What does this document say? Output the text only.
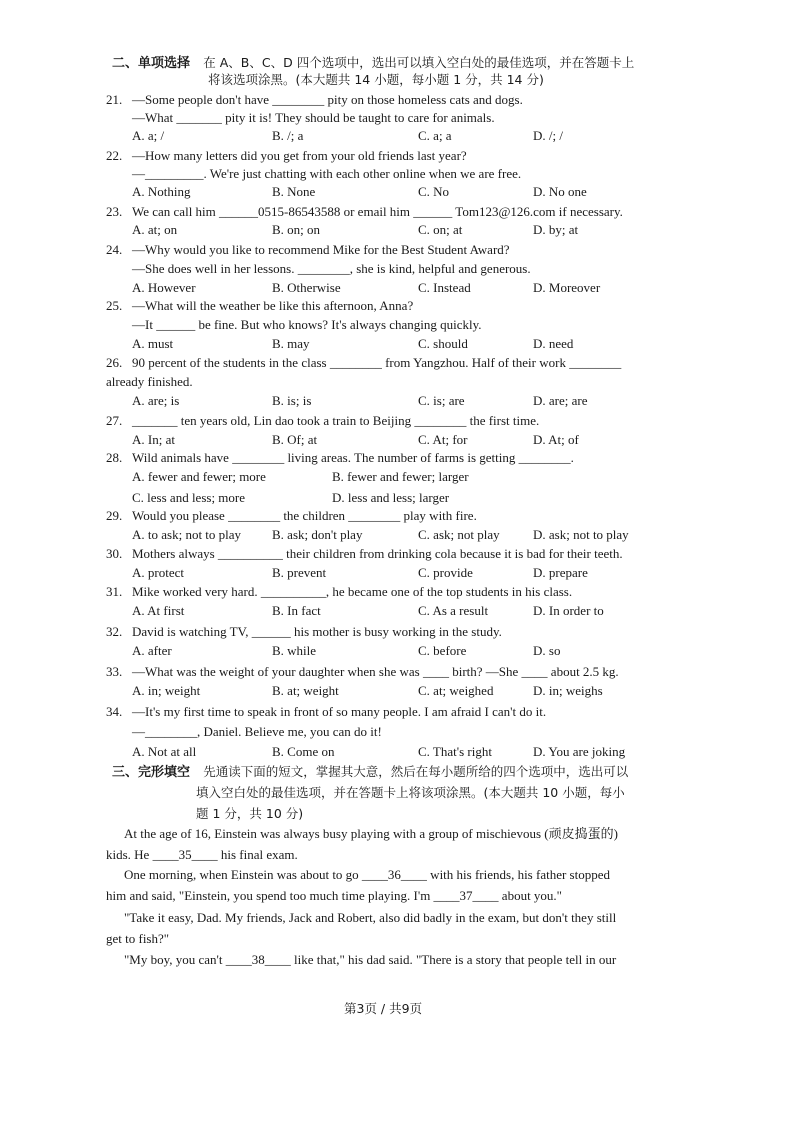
二、单项选择 在 A、B、C、D 四个选项中，选出可以填入空白处的最佳选项，并在答题卡上
将该选项涂黑。(本大题共 14 小题，每小题 1 分，共 14 分)
21. —Some people don't have ________ pity on those homeless cats and dogs.
—What _______ pity it is! They should be taught to care for animals.
A. a; /	B. /; a	C. a; a	D. /; /
22. —How many letters did you get from your old friends last year?
—_________. We're just chatting with each other online when we are free.
A. Nothing	B. None	C. No	D. No one
23. We can call him ______0515-86543588 or email him ______ Tom123@126.com if necessary.
A. at; on	B. on; on	C. on; at	D. by; at
24. —Why would you like to recommend Mike for the Best Student Award?
—She does well in her lessons. ________, she is kind, helpful and generous.
A. However	B. Otherwise	C. Instead	D. Moreover
25. —What will the weather be like this afternoon, Anna?
—It ______ be fine. But who knows? It's always changing quickly.
A. must	B. may	C. should	D. need
26. 90 percent of the students in the class ________ from Yangzhou. Half of their work ________
already finished.
A. are; is	B. is; is	C. is; are	D. are; are
27. _______ ten years old, Lin dao took a train to Beijing ________ the first time.
A. In; at	B. Of; at	C. At; for	D. At; of
28. Wild animals have ________ living areas. The number of farms is getting ________.
A. fewer and fewer; more	B. fewer and fewer; larger
C. less and less; more	D. less and less; larger
29. Would you please ________ the children ________ play with fire.
A. to ask; not to play B. ask; don't play	C. ask; not play	D. ask; not to play
30. Mothers always __________ their children from drinking cola because it is bad for their teeth.
A. protect	B. prevent	C. provide	D. prepare
31. Mike worked very hard. __________, he became one of the top students in his class.
A. At first	B. In fact	C. As a result	D. In order to
32. David is watching TV, ______ his mother is busy working in the study.
A. after	B. while	C. before	D. so
33. —What was the weight of your daughter when she was ____ birth? —She ____ about 2.5 kg.
A. in; weight	B. at; weight	C. at; weighed	D. in; weighs
34. —It's my first time to speak in front of so many people. I am afraid I can't do it.
—________, Daniel. Believe me, you can do it!
A. Not at all	B. Come on	C. That's right	D. You are joking
三、完形填空 先通读下面的短文，掌握其大意，然后在每小题所给的四个选项中，选出可以
填入空白处的最佳选项，并在答题卡上将该项涂黑。(本大题共 10 小题，每小
题 1 分，共 10 分)
At the age of 16, Einstein was always busy playing with a group of mischievous (顽皮捣蛋的)
kids. He ____35____ his final exam.
One morning, when Einstein was about to go ____36____ with his friends, his father stopped
him and said, "Einstein, you spend too much time playing. I'm ____37____ about you."
"Take it easy, Dad. My friends, Jack and Robert, also did badly in the exam, but don't they still
get to fish?"
"My boy, you can't ____38____ like that," his dad said. "There is a story that people tell in our
第3页 / 共9页
